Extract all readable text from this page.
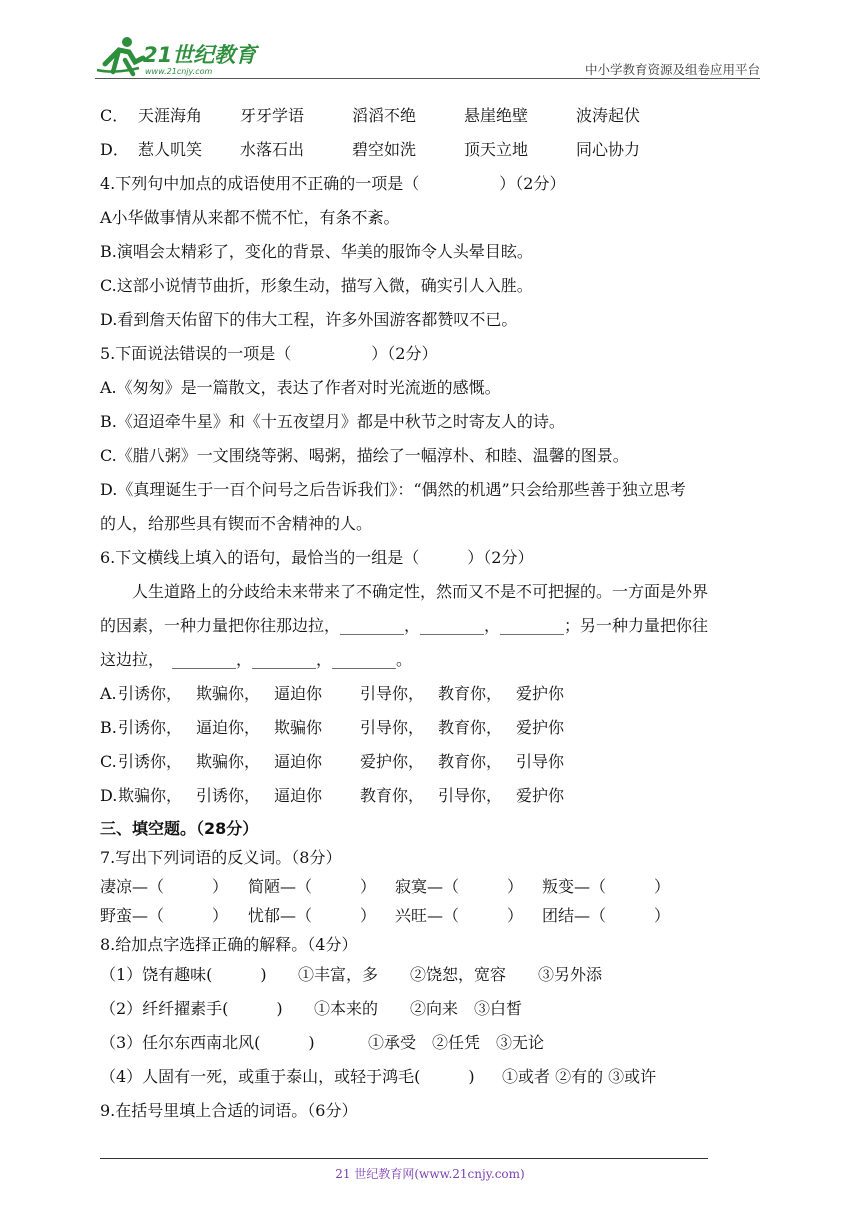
21世纪教育
www.21cnjy.com	中小学教育资源及组卷应用平台
C． 天涯海角 牙牙学语	滔滔不绝	悬崖绝壁	波涛起伏
D． 惹人叽笑 水落石出	碧空如洗	顶天立地	同心协力
4.下列句中加点的成语使用不正确的一项是（　　　　　）（2分）
A小华做事情从来都不慌不忙，有条不紊。
B.演唱会太精彩了，变化的背景、华美的服饰令人头晕目眩。
C.这部小说情节曲折，形象生动，描写入微，确实引人入胜。
D.看到詹天佑留下的伟大工程，许多外国游客都赞叹不已。
5.下面说法错误的一项是（　　　　　）（2分）
A.《匆匆》是一篇散文，表达了作者对时光流逝的感慨。
B.《迢迢牵牛星》和《十五夜望月》都是中秋节之时寄友人的诗。
C.《腊八粥》一文围绕等粥、喝粥，描绘了一幅淳朴、和睦、温馨的图景。
D.《真理诞生于一百个问号之后告诉我们》：“偶然的机遇”只会给那些善于独立思考
的人，给那些具有锲而不舍精神的人。
6.下文横线上填入的语句，最恰当的一组是（　　　）（2分）
人生道路上的分歧给未来带来了不确定性，然而又不是不可把握的。一方面是外界
的因素，一种力量把你往那边拉，________，________，________；另一种力量把你往
这边拉，　________，________，________。
A. 引诱你， 欺骗你， 逼迫你 引导你， 教育你， 爱护你
B. 引诱你， 逼迫你， 欺骗你 引导你， 教育你， 爱护你
C. 引诱你， 欺骗你， 逼迫你 爱护你， 教育你， 引导你
D. 欺骗你， 引诱你， 逼迫你 教育你， 引导你， 爱护你
三、填空题。（28分）
7.写出下列词语的反义词。（8分）
凄凉—（　　　） 简陋—（　　　） 寂寞—（　　　） 叛变—（　　　）
野蛮—（　　　） 忧郁—（　　　） 兴旺—（　　　） 团结—（　　　）
8.给加点字选择正确的解释。（4分）
（1）饶有趣味(　　　) ①丰富，多　　②饶恕，宽容　　③另外添
（2）纤纤擢素手(　　　) ①本来的　　②向来　③白皙
（3）任尔东西南北风(　　　)	①承受　②任凭　③无论
（4）人固有一死，或重于泰山，或轻于鸿毛(　　　) ①或者 ②有的 ③或许
9.在括号里填上合适的词语。（6分）
21 世纪教育网(www.21cnjy.com)
